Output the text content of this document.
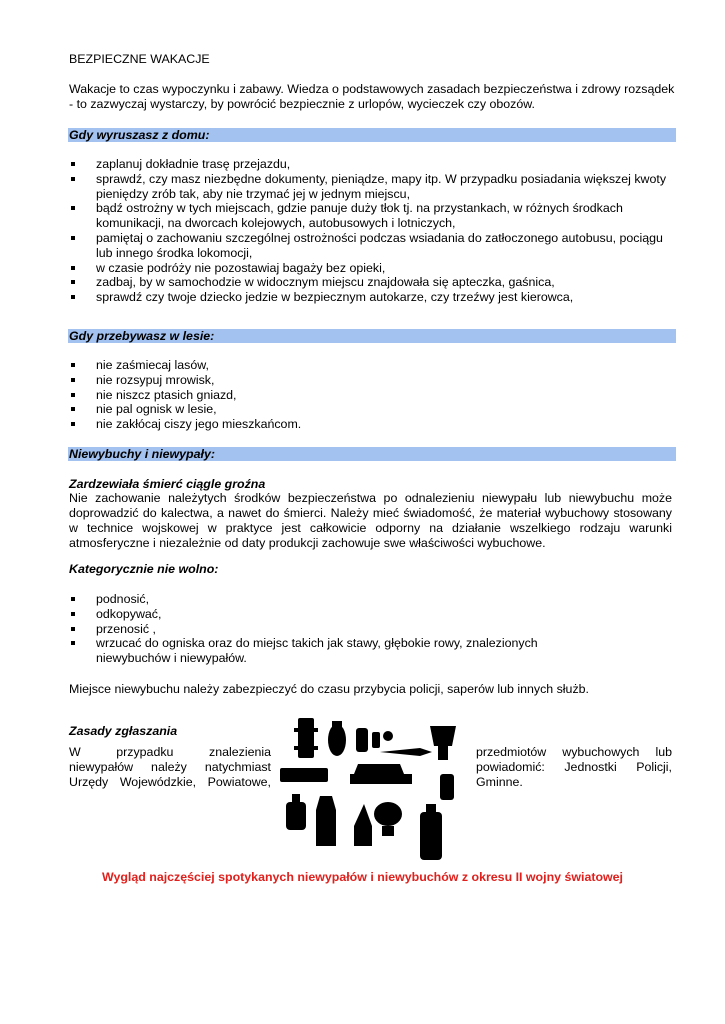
BEZPIECZNE WAKACJE
Wakacje to czas wypoczynku i zabawy. Wiedza o podstawowych zasadach bezpieczeństwa i zdrowy rozsądek - to zazwyczaj wystarczy, by powrócić bezpiecznie z urlopów, wycieczek czy obozów.
Gdy wyruszasz z domu:
zaplanuj dokładnie trasę przejazdu,
sprawdź, czy masz niezbędne dokumenty, pieniądze, mapy itp. W przypadku posiadania większej kwoty pieniędzy zrób tak, aby nie trzymać jej w jednym miejscu,
bądź ostrożny w tych miejscach, gdzie panuje duży tłok tj. na przystankach, w różnych środkach komunikacji, na dworcach kolejowych, autobusowych i lotniczych,
pamiętaj o zachowaniu szczególnej ostrożności podczas wsiadania do zatłoczonego autobusu, pociągu lub innego środka lokomocji,
w czasie podróży nie pozostawiaj bagaży bez opieki,
zadbaj, by w samochodzie w widocznym miejscu znajdowała się apteczka, gaśnica,
sprawdź czy twoje dziecko jedzie w bezpiecznym autokarze, czy trzeźwy jest kierowca,
Gdy przebywasz w lesie:
nie zaśmiecaj lasów,
nie rozsypuj mrowisk,
nie niszcz ptasich gniazd,
nie pal ognisk w lesie,
nie zakłócaj ciszy jego mieszkańcom.
Niewybuchy i niewypały:
Zardzewiała śmierć ciągle groźna
Nie zachowanie należytych środków bezpieczeństwa po odnalezieniu niewypału lub niewybuchu może doprowadzić do kalectwa, a nawet do śmierci. Należy mieć świadomość, że materiał wybuchowy stosowany w technice wojskowej w praktyce jest całkowicie odporny na działanie wszelkiego rodzaju warunki atmosferyczne i niezależnie od daty produkcji zachowuje swe właściwości wybuchowe.
Kategorycznie nie wolno:
podnosić,
odkopywać,
przenosić ,
wrzucać do ogniska oraz do miejsc takich jak stawy, głębokie rowy, znalezionych niewybuchów i niewypałów.
Miejsce niewybuchu należy zabezpieczyć do czasu przybycia policji, saperów lub innych służb.
Zasady zgłaszania
W przypadku znalezienia
niewypałów należy natychmiast Urzędy Wojewódzkie, Powiatowe,
przedmiotów wybuchowych lub
powiadomić: Jednostki Policji, Gminne.
Wygląd najczęściej spotykanych niewypałów i niewybuchów z okresu II wojny światowej
